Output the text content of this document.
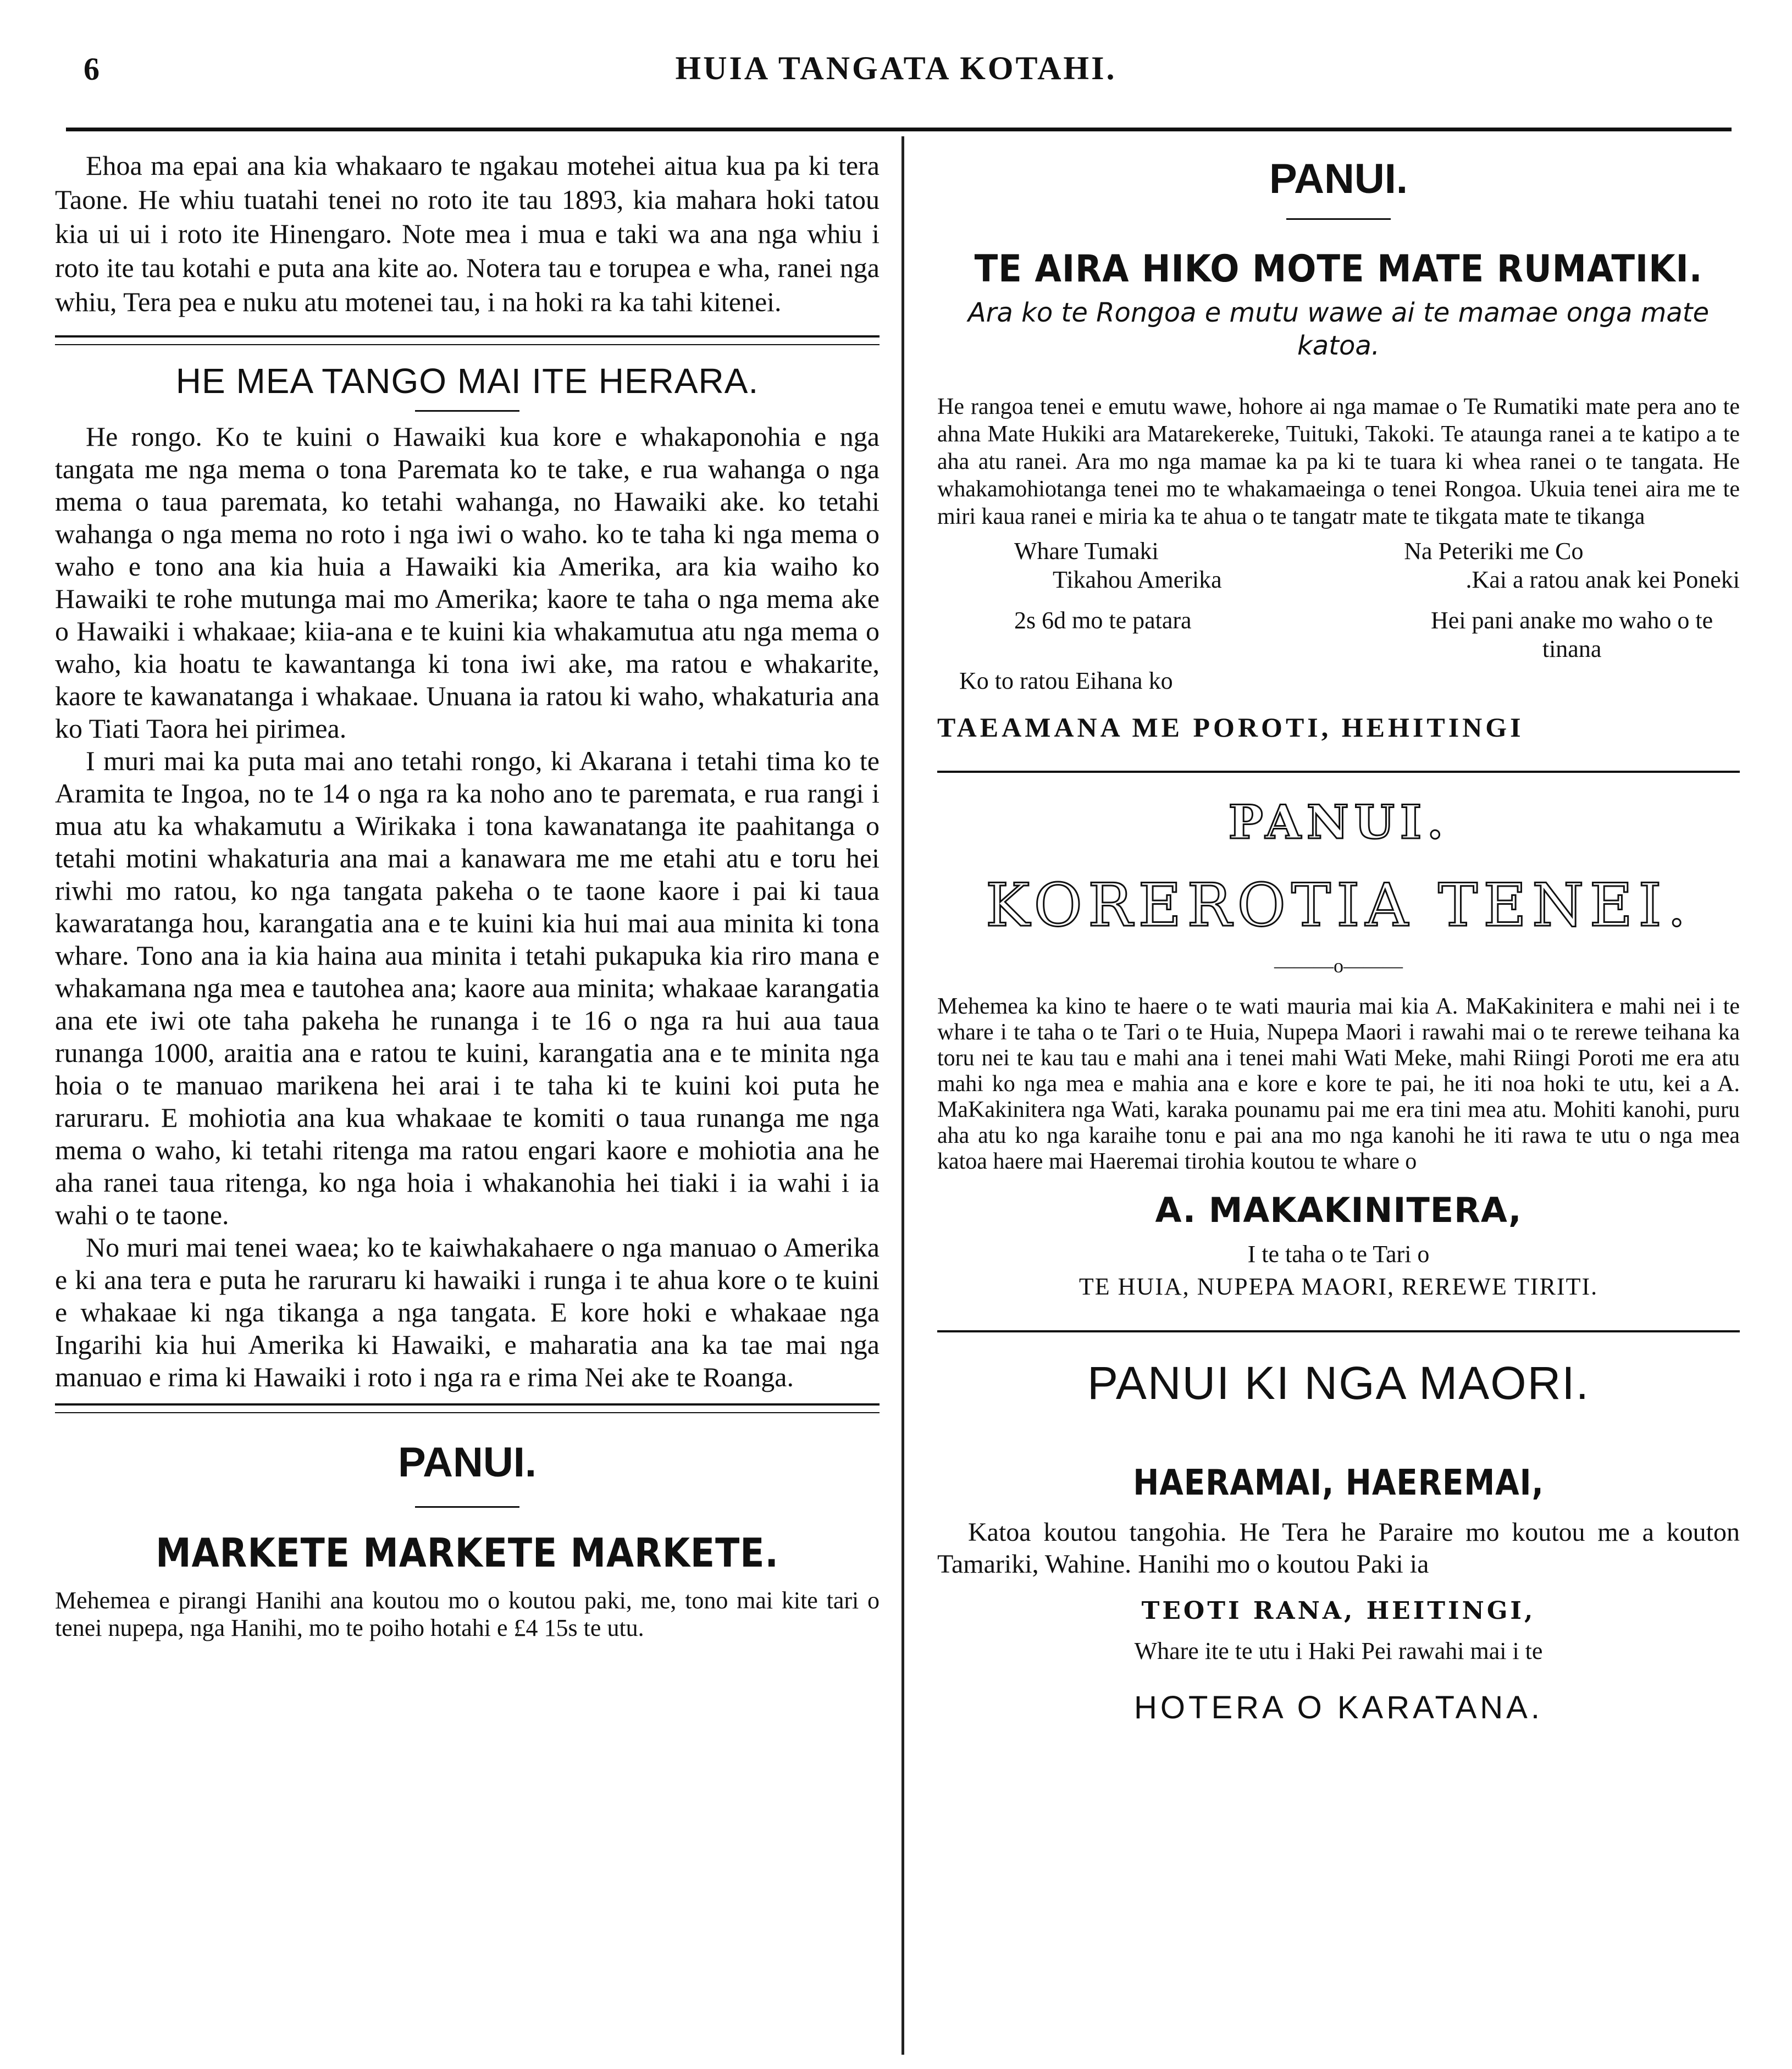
6	HUIA TANGATA KOTAHI.

Ehoa ma epai ana kia whakaaro te ngakau motehei aitua kua pa ki tera Taone. He whiu tuatahi tenei no roto ite tau 1893, kia mahara hoki tatou kia ui ui i roto ite Hinengaro. Note mea i mua e taki wa ana nga whiu i roto ite tau kotahi e puta ana kite ao. Notera tau e torupea e wha, ranei nga whiu, Tera pea e nuku atu motenei tau, i na hoki ra ka tahi kitenei.

HE MEA TANGO MAI ITE HERARA.

He rongo. Ko te kuini o Hawaiki kua kore e whakaponohia e nga tangata me nga mema o tona Paremata ko te take, e rua wahanga o nga mema o taua paremata, ko tetahi wahanga, no Hawaiki ake. ko tetahi wahanga o nga mema no roto i nga iwi o waho. ko te taha ki nga mema o waho e tono ana kia huia a Hawaiki kia Amerika, ara kia waiho ko Hawaiki te rohe mutunga mai mo Amerika; kaore te taha o nga mema ake o Hawaiki i whakaae; kiia-ana e te kuini kia whakamutua atu nga mema o waho, kia hoatu te kawantanga ki tona iwi ake, ma ratou e whakarite, kaore te kawanatanga i whakaae. Unuana ia ratou ki waho, whakaturia ana ko Tiati Taora hei pirimea.

I muri mai ka puta mai ano tetahi rongo, ki Akarana i tetahi tima ko te Aramita te Ingoa, no te 14 o nga ra ka noho ano te paremata, e rua rangi i mua atu ka whakamutu a Wirikaka i tona kawanatanga ite paahitanga o tetahi motini whakaturia ana mai a kanawara me me etahi atu e toru hei riwhi mo ratou, ko nga tangata pakeha o te taone kaore i pai ki taua kawaratanga hou, karangatia ana e te kuini kia hui mai aua minita ki tona whare. Tono ana ia kia haina aua minita i tetahi pukapuka kia riro mana e whakamana nga mea e tautohea ana; kaore aua minita; whakaae karangatia ana ete iwi ote taha pakeha he runanga i te 16 o nga ra hui aua taua runanga 1000, araitia ana e ratou te kuini, karangatia ana e te minita nga hoia o te manuao marikena hei arai i te taha ki te kuini koi puta he raruraru. E mohiotia ana kua whakaae te komiti o taua runanga me nga mema o waho, ki tetahi ritenga ma ratou engari kaore e mohiotia ana he aha ranei taua ritenga, ko nga hoia i whakanohia hei tiaki i ia wahi i ia wahi o te taone.

No muri mai tenei waea; ko te kaiwhakahaere o nga manuao o Amerika e ki ana tera e puta he raruraru ki hawaiki i runga i te ahua kore o te kuini e whakaae ki nga tikanga a nga tangata. E kore hoki e whakaae nga Ingarihi kia hui Amerika ki Hawaiki, e maharatia ana ka tae mai nga manuao e rima ki Hawaiki i roto i nga ra e rima Nei ake te Roanga.

PANUI.
MARKETE MARKETE MARKETE.

Mehemea e pirangi Hanihi ana koutou mo o koutou paki, me, tono mai kite tari o tenei nupepa, nga Hanihi, mo te poiho hotahi e £4 15s te utu.

PANUI.
TE AIRA HIKO MOTE MATE RUMATIKI.
Ara ko te Rongoa e mutu wawe ai te mamae onga mate katoa.

He rangoa tenei e emutu wawe, hohore ai nga mamae o Te Rumatiki mate pera ano te ahna Mate Hukiki ara Matarekereke, Tuituki, Takoki. Te ataunga ranei a te katipo a te aha atu ranei. Ara mo nga mamae ka pa ki te tuara ki whea ranei o te tangata. He whakamohiotanga tenei mo te whakamaeinga o tenei Rongoa. Ukuia tenei aira me te miri kaua ranei e miria ka te ahua o te tangatr mate te tikgata mate te tikanga

Whare Tumaki
Tikahou Amerika
Na Peteriki me Co
.Kai a ratou anak kei Poneki
2s 6d mo te patara	Hei pani anake mo waho o te tinana
Ko to ratou Eihana ko
TAEAMANA ME POROTI, HEHITINGI
PANUI.
KOREROTIA TENEI.
———o———

Mehemea ka kino te haere o te wati mauria mai kia A. MaKakinitera e mahi nei i te whare i te taha o te Tari o te Huia, Nupepa Maori i rawahi mai o te rerewe teihana ka toru nei te kau tau e mahi ana i tenei mahi Wati Meke, mahi Riingi Poroti me era atu mahi ko nga mea e mahia ana e kore e kore te pai, he iti noa hoki te utu, kei a A. MaKakinitera nga Wati, karaka pounamu pai me era tini mea atu. Mohiti kanohi, puru aha atu ko nga karaihe tonu e pai ana mo nga kanohi he iti rawa te utu o nga mea katoa haere mai Haeremai tirohia koutou te whare o

A. MAKAKINITERA,
I te taha o te Tari o
TE HUIA, NUPEPA MAORI, REREWE TIRITI.
PANUI KI NGA MAORI.
HAERAMAI, HAEREMAI,

Katoa koutou tangohia. He Tera he Paraire mo koutou me a kouton Tamariki, Wahine. Hanihi mo o koutou Paki ia

TEOTI RANA, HEITINGI,
Whare ite te utu i Haki Pei rawahi mai i te
HOTERA O KARATANA.
